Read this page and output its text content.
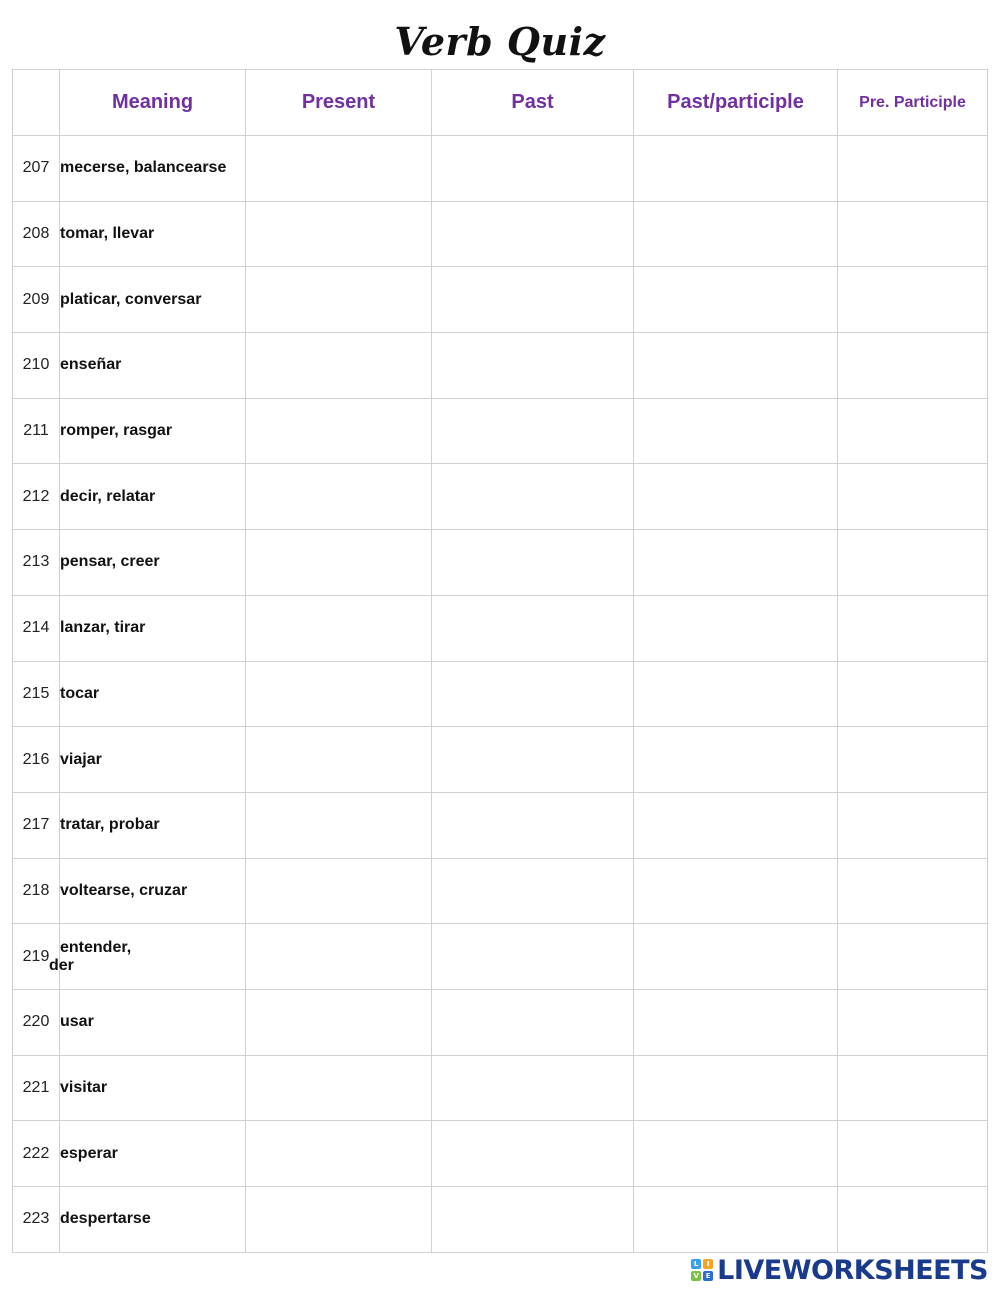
Verb Quiz
	Meaning	Present	Past	Past/participle	Pre. Participle
207	mecerse, balancearse				
208	tomar, llevar				
209	platicar, conversar				
210	enseñar				
211	romper, rasgar				
212	decir, relatar				
213	pensar, creer				
214	lanzar, tirar				
215	tocar				
216	viajar				
217	tratar, probar				
218	voltearse, cruzar				
219	entender,
der				

220	usar				
221	visitar				
222	esperar				
223	despertarse				
L	I
V E LIVEWORKSHEETS
